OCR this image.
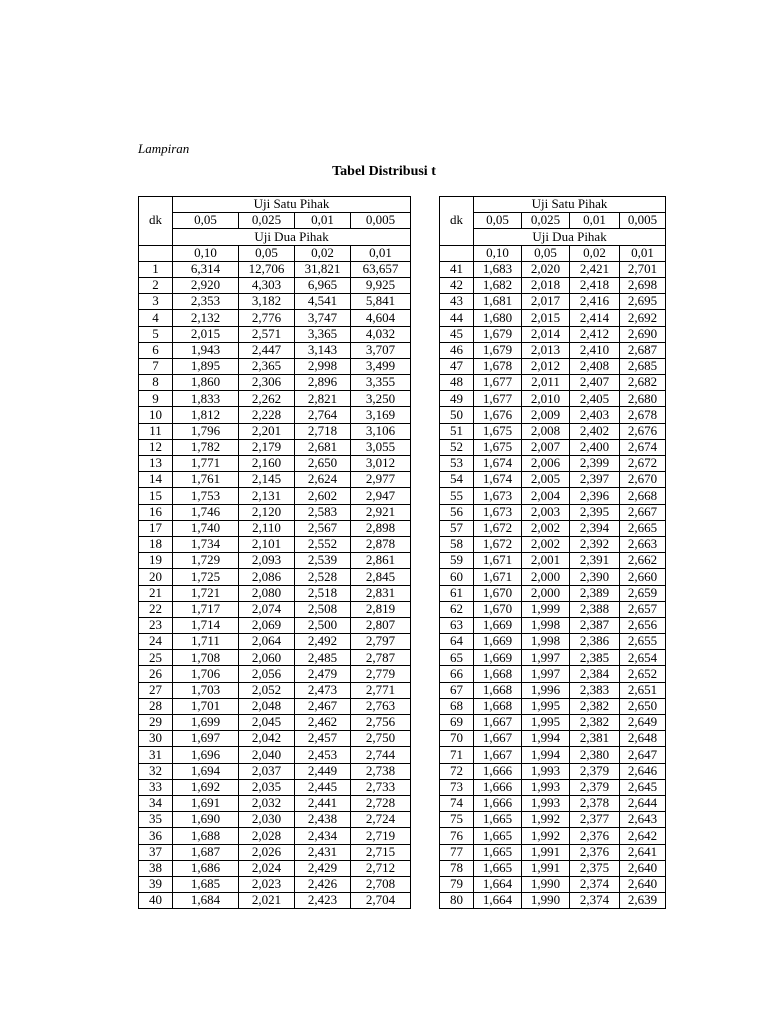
Lampiran
Tabel Distribusi t
dk	Uji Satu Pihak			
	0,05	0,025	0,01	0,005
	Uji Dua Pihak			
	0,10	0,05	0,02	0,01
1	6,314	12,706	31,821	63,657
2	2,920	4,303	6,965	9,925
3	2,353	3,182	4,541	5,841
4	2,132	2,776	3,747	4,604
5	2,015	2,571	3,365	4,032
6	1,943	2,447	3,143	3,707
7	1,895	2,365	2,998	3,499
8	1,860	2,306	2,896	3,355
9	1,833	2,262	2,821	3,250
10	1,812	2,228	2,764	3,169
11	1,796	2,201	2,718	3,106
12	1,782	2,179	2,681	3,055
13	1,771	2,160	2,650	3,012
14	1,761	2,145	2,624	2,977
15	1,753	2,131	2,602	2,947
16	1,746	2,120	2,583	2,921
17	1,740	2,110	2,567	2,898
18	1,734	2,101	2,552	2,878
19	1,729	2,093	2,539	2,861
20	1,725	2,086	2,528	2,845
21	1,721	2,080	2,518	2,831
22	1,717	2,074	2,508	2,819
23	1,714	2,069	2,500	2,807
24	1,711	2,064	2,492	2,797
25	1,708	2,060	2,485	2,787
26	1,706	2,056	2,479	2,779
27	1,703	2,052	2,473	2,771
28	1,701	2,048	2,467	2,763
29	1,699	2,045	2,462	2,756
30	1,697	2,042	2,457	2,750
31	1,696	2,040	2,453	2,744
32	1,694	2,037	2,449	2,738
33	1,692	2,035	2,445	2,733
34	1,691	2,032	2,441	2,728
35	1,690	2,030	2,438	2,724
36	1,688	2,028	2,434	2,719
37	1,687	2,026	2,431	2,715
38	1,686	2,024	2,429	2,712
39	1,685	2,023	2,426	2,708
40	1,684	2,021	2,423	2,704
dk	Uji Satu Pihak			
	0,05	0,025	0,01	0,005
	Uji Dua Pihak			
	0,10	0,05	0,02	0,01
41	1,683	2,020	2,421	2,701
42	1,682	2,018	2,418	2,698
43	1,681	2,017	2,416	2,695
44	1,680	2,015	2,414	2,692
45	1,679	2,014	2,412	2,690
46	1,679	2,013	2,410	2,687
47	1,678	2,012	2,408	2,685
48	1,677	2,011	2,407	2,682
49	1,677	2,010	2,405	2,680
50	1,676	2,009	2,403	2,678
51	1,675	2,008	2,402	2,676
52	1,675	2,007	2,400	2,674
53	1,674	2,006	2,399	2,672
54	1,674	2,005	2,397	2,670
55	1,673	2,004	2,396	2,668
56	1,673	2,003	2,395	2,667
57	1,672	2,002	2,394	2,665
58	1,672	2,002	2,392	2,663
59	1,671	2,001	2,391	2,662
60	1,671	2,000	2,390	2,660
61	1,670	2,000	2,389	2,659
62	1,670	1,999	2,388	2,657
63	1,669	1,998	2,387	2,656
64	1,669	1,998	2,386	2,655
65	1,669	1,997	2,385	2,654
66	1,668	1,997	2,384	2,652
67	1,668	1,996	2,383	2,651
68	1,668	1,995	2,382	2,650
69	1,667	1,995	2,382	2,649
70	1,667	1,994	2,381	2,648
71	1,667	1,994	2,380	2,647
72	1,666	1,993	2,379	2,646
73	1,666	1,993	2,379	2,645
74	1,666	1,993	2,378	2,644
75	1,665	1,992	2,377	2,643
76	1,665	1,992	2,376	2,642
77	1,665	1,991	2,376	2,641
78	1,665	1,991	2,375	2,640
79	1,664	1,990	2,374	2,640
80	1,664	1,990	2,374	2,639
